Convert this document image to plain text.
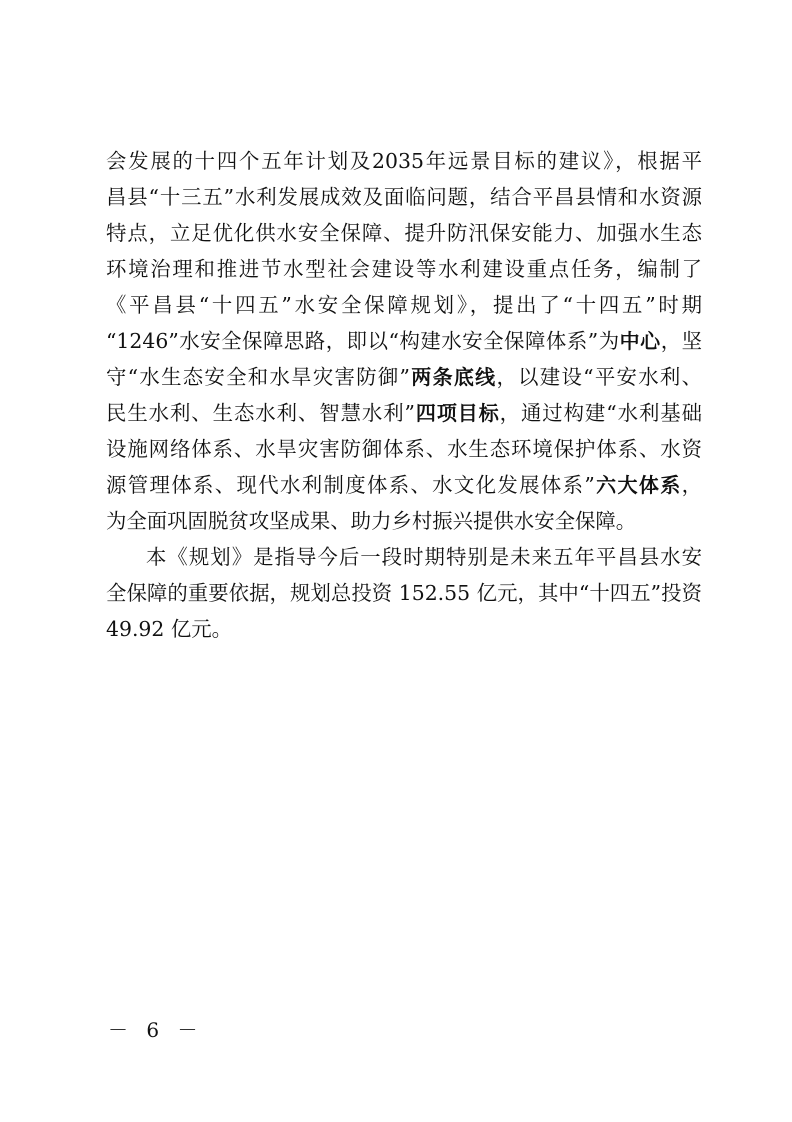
会发展的十四个五年计划及2035年远景目标的建议》，根据平
昌县“十三五”水利发展成效及面临问题，结合平昌县情和水资源
特点，立足优化供水安全保障、提升防汛保安能力、加强水生态
环境治理和推进节水型社会建设等水利建设重点任务，编制了
《平昌县“十四五”水安全保障规划》，提出了“十四五”时期
“1246”水安全保障思路，即以“构建水安全保障体系”为中心，坚
守“水生态安全和水旱灾害防御”两条底线，以建设“平安水利、
民生水利、生态水利、智慧水利”四项目标，通过构建“水利基础
设施网络体系、水旱灾害防御体系、水生态环境保护体系、水资
源管理体系、现代水利制度体系、水文化发展体系”六大体系，
为全面巩固脱贫攻坚成果、助力乡村振兴提供水安全保障。
本《规划》是指导今后一段时期特别是未来五年平昌县水安
全保障的重要依据，规划总投资 152.55 亿元，其中“十四五”投资
49.92 亿元。
－ 6 －
